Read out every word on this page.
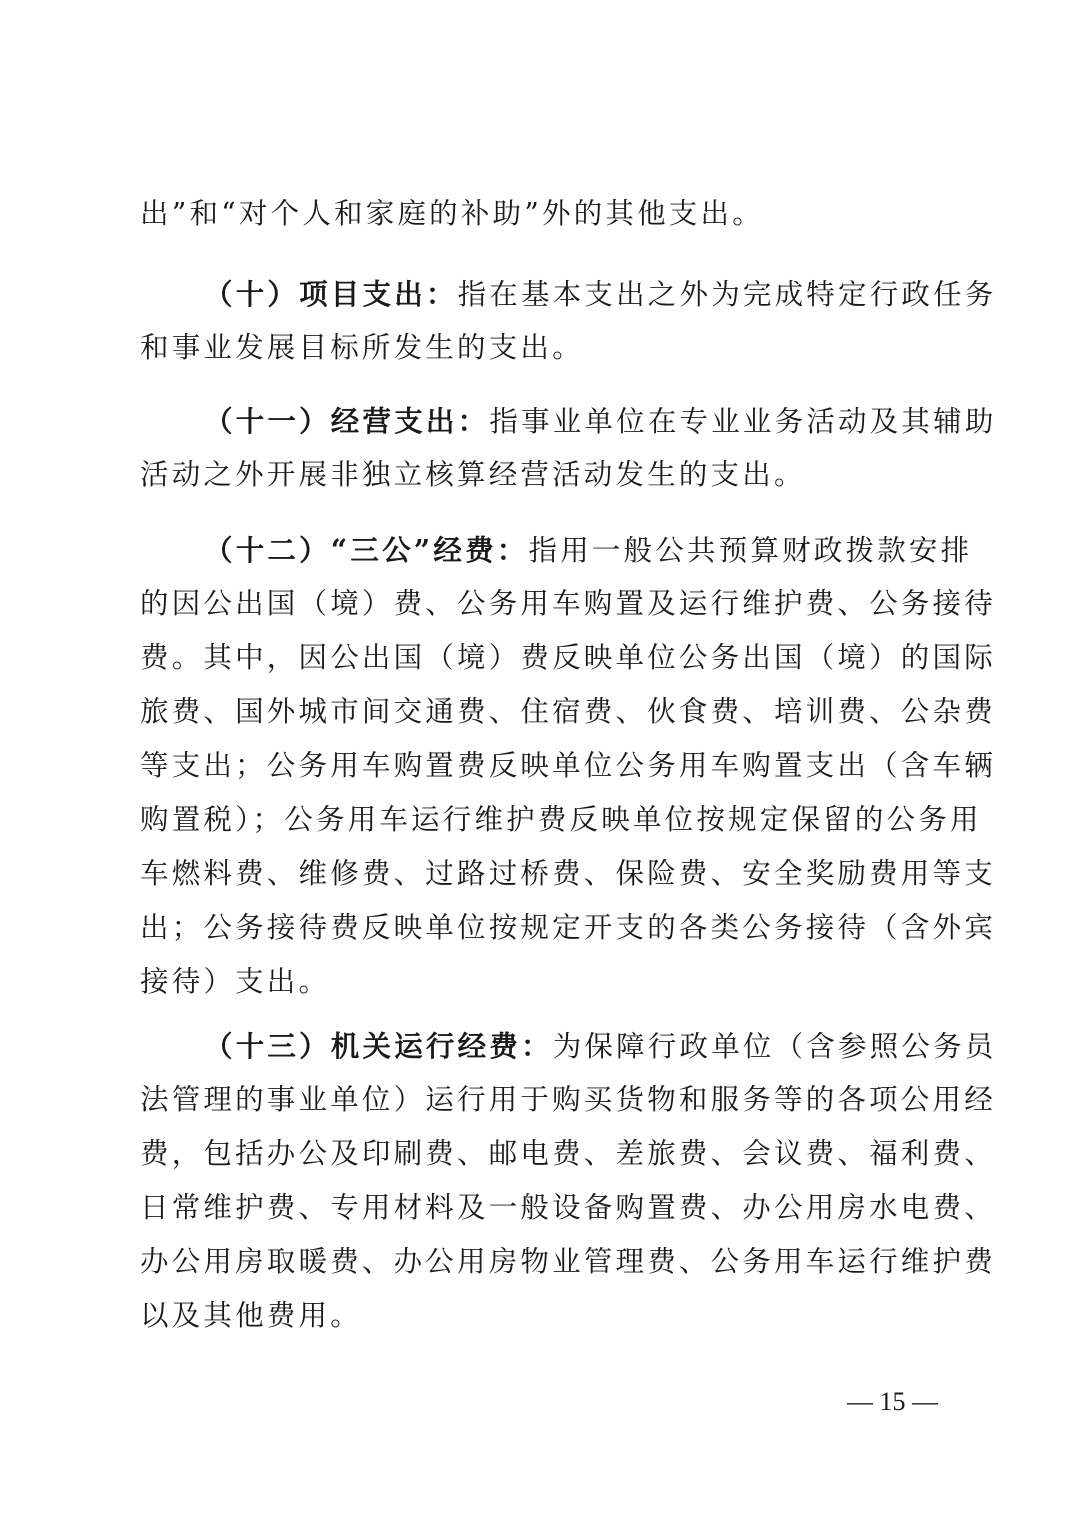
出”和“对个人和家庭的补助”外的其他支出。
（十）项目支出：指在基本支出之外为完成特定行政任务
和事业发展目标所发生的支出。
（十一）经营支出：指事业单位在专业业务活动及其辅助
活动之外开展非独立核算经营活动发生的支出。
（十二）“三公”经费：指用一般公共预算财政拨款安排
的因公出国（境）费、公务用车购置及运行维护费、公务接待
费。其中，因公出国（境）费反映单位公务出国（境）的国际
旅费、国外城市间交通费、住宿费、伙食费、培训费、公杂费
等支出；公务用车购置费反映单位公务用车购置支出（含车辆
购置税）；公务用车运行维护费反映单位按规定保留的公务用
车燃料费、维修费、过路过桥费、保险费、安全奖励费用等支
出；公务接待费反映单位按规定开支的各类公务接待（含外宾
接待）支出。
（十三）机关运行经费：为保障行政单位（含参照公务员
法管理的事业单位）运行用于购买货物和服务等的各项公用经
费，包括办公及印刷费、邮电费、差旅费、会议费、福利费、
日常维护费、专用材料及一般设备购置费、办公用房水电费、
办公用房取暖费、办公用房物业管理费、公务用车运行维护费
以及其他费用。
— 15 —
